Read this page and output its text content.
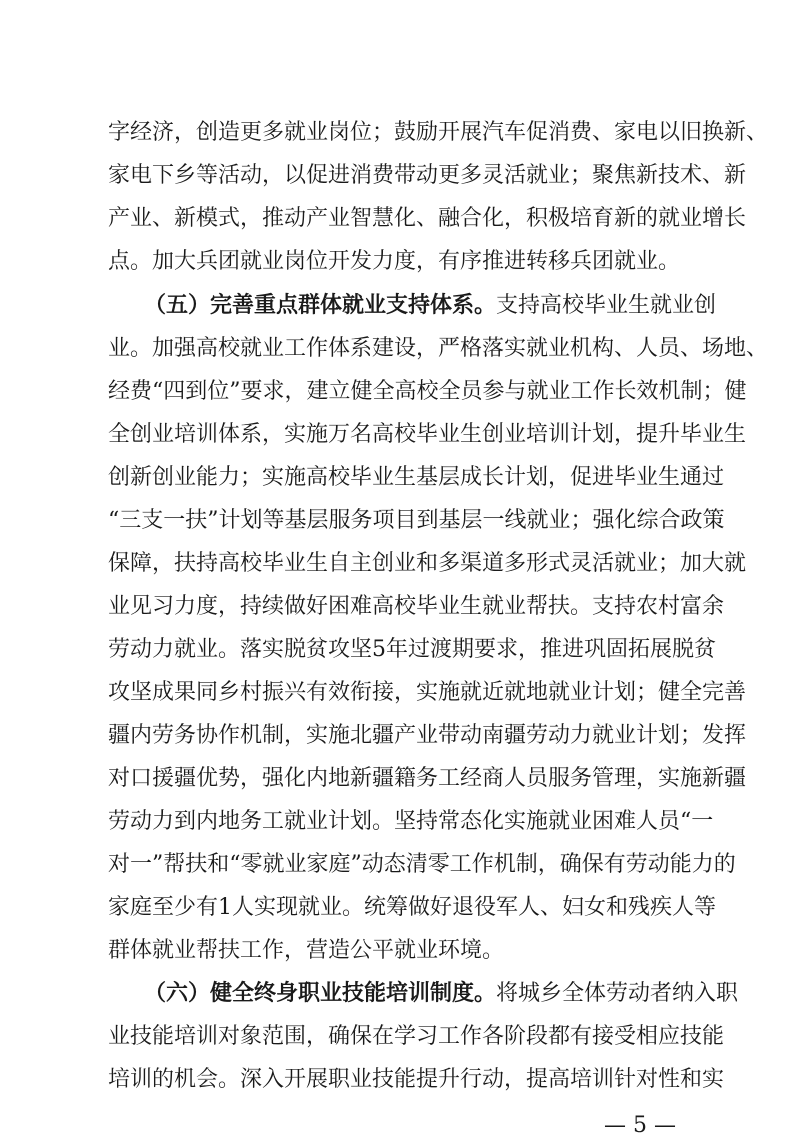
字经济，创造更多就业岗位；鼓励开展汽车促消费、家电以旧换新、
家电下乡等活动，以促进消费带动更多灵活就业；聚焦新技术、新
产业、新模式，推动产业智慧化、融合化，积极培育新的就业增长
点。加大兵团就业岗位开发力度，有序推进转移兵团就业。
（五）完善重点群体就业支持体系。支持高校毕业生就业创
业。加强高校就业工作体系建设，严格落实就业机构、人员、场地、
经费“四到位”要求，建立健全高校全员参与就业工作长效机制；健
全创业培训体系，实施万名高校毕业生创业培训计划，提升毕业生
创新创业能力；实施高校毕业生基层成长计划，促进毕业生通过
“三支一扶”计划等基层服务项目到基层一线就业；强化综合政策
保障，扶持高校毕业生自主创业和多渠道多形式灵活就业；加大就
业见习力度，持续做好困难高校毕业生就业帮扶。支持农村富余
劳动力就业。落实脱贫攻坚5年过渡期要求，推进巩固拓展脱贫
攻坚成果同乡村振兴有效衔接，实施就近就地就业计划；健全完善
疆内劳务协作机制，实施北疆产业带动南疆劳动力就业计划；发挥
对口援疆优势，强化内地新疆籍务工经商人员服务管理，实施新疆
劳动力到内地务工就业计划。坚持常态化实施就业困难人员“一
对一”帮扶和“零就业家庭”动态清零工作机制，确保有劳动能力的
家庭至少有1人实现就业。统筹做好退役军人、妇女和残疾人等
群体就业帮扶工作，营造公平就业环境。
（六）健全终身职业技能培训制度。将城乡全体劳动者纳入职
业技能培训对象范围，确保在学习工作各阶段都有接受相应技能
培训的机会。深入开展职业技能提升行动，提高培训针对性和实
— 5 —
